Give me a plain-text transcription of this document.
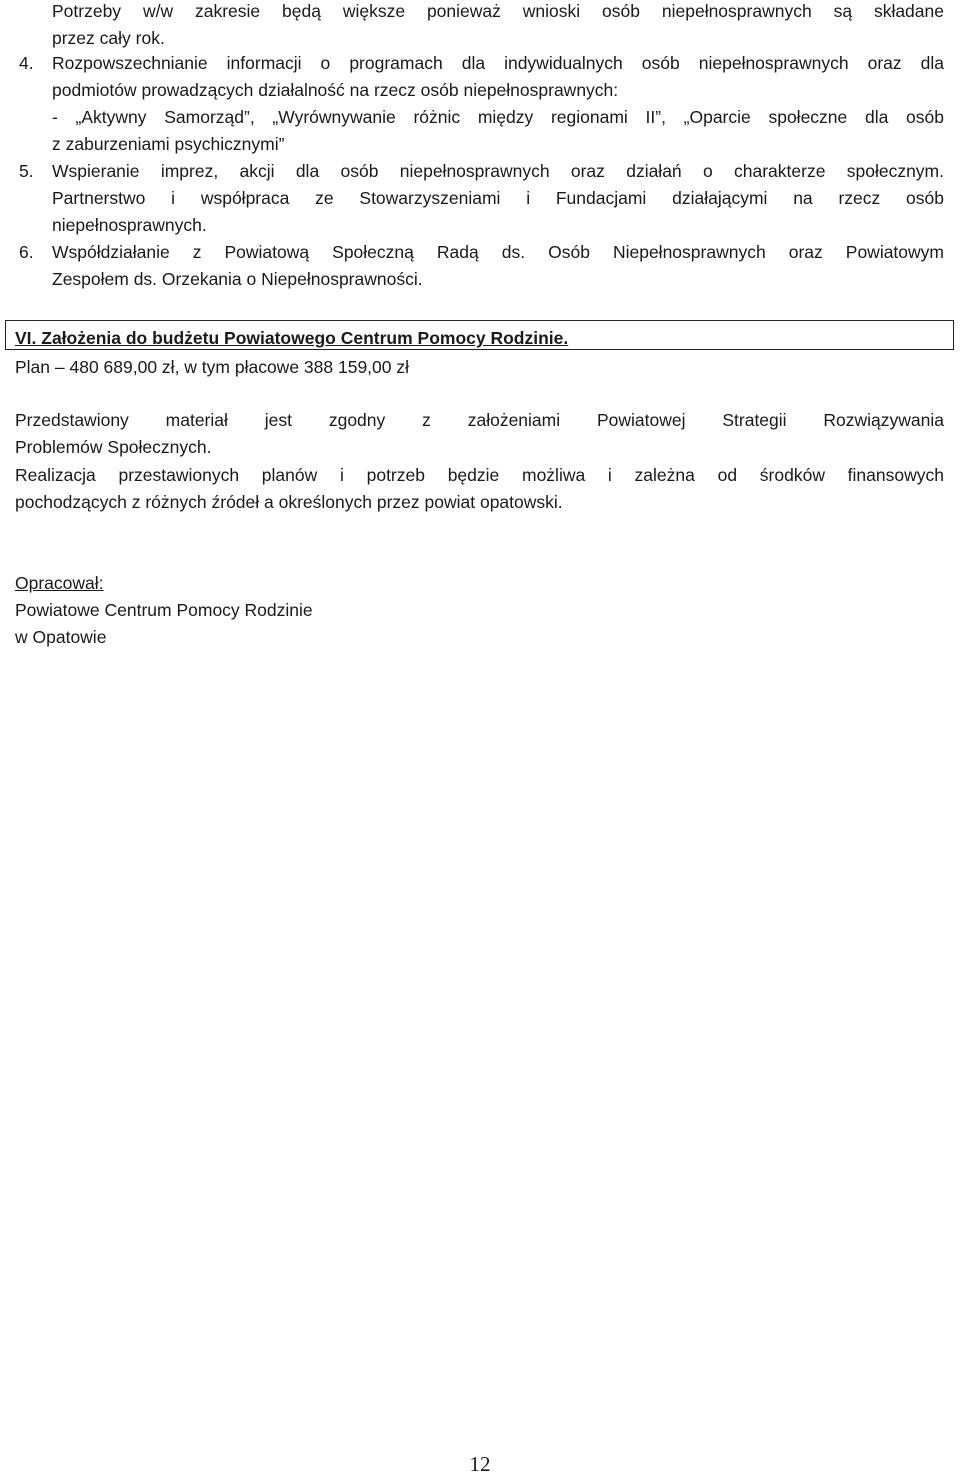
Potrzeby w/w zakresie będą większe ponieważ wnioski osób niepełnosprawnych są składane
przez cały rok.
4. Rozpowszechnianie informacji o programach dla indywidualnych osób niepełnosprawnych oraz dla
podmiotów prowadzących działalność na rzecz osób niepełnosprawnych:
- „Aktywny Samorząd”, „Wyrównywanie różnic między regionami II”, „Oparcie społeczne dla osób
z zaburzeniami psychicznymi”
5. Wspieranie imprez, akcji dla osób niepełnosprawnych oraz działań o charakterze społecznym.
Partnerstwo i współpraca ze Stowarzyszeniami i Fundacjami działającymi na rzecz osób
niepełnosprawnych.
6. Współdziałanie z Powiatową Społeczną Radą ds. Osób Niepełnosprawnych oraz Powiatowym
Zespołem ds. Orzekania o Niepełnosprawności.
VI. Założenia do budżetu Powiatowego Centrum Pomocy Rodzinie.
Plan – 480 689,00 zł, w tym płacowe 388 159,00 zł
Przedstawiony materiał jest zgodny z założeniami Powiatowej Strategii Rozwiązywania
Problemów Społecznych.
Realizacja przestawionych planów i potrzeb będzie możliwa i zależna od środków finansowych
pochodzących z różnych źródeł a określonych przez powiat opatowski.
Opracował:
Powiatowe Centrum Pomocy Rodzinie
w Opatowie
12
